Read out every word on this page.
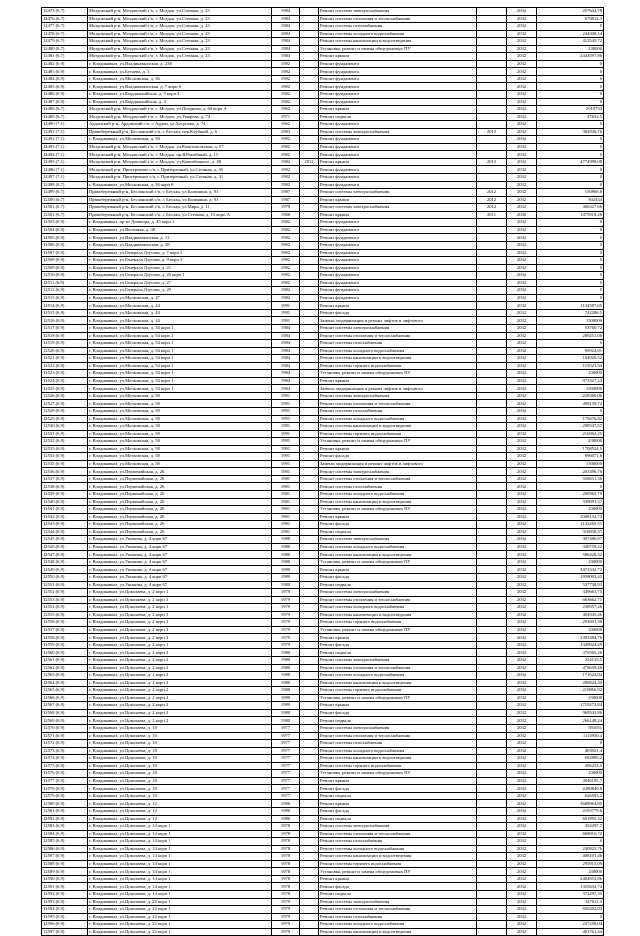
12475 (6.7)	Моздокский р-н, Моздокский г/п, г. Моздок, ул.Степная, д. 23	1984		Ремонт системы электроснабжения		2032	257644,78
12476 (6.7)	Моздокский р-н, Моздокский г/п, г. Моздок, ул.Степная, д. 23	1984		Ремонт системы отопления и теплоснабжения		2032	678814,3
12477 (6.7)	Моздокский р-н, Моздокский г/п, г. Моздок, ул.Степная, д. 23	1984		Ремонт системы газоснабжения		2032	0
12478 (6.7)	Моздокский р-н, Моздокский г/п, г. Моздок, ул.Степная, д. 23	1984		Ремонт системы холодного водоснабжения		2032	244308,14
12479 (6.7)	Моздокский р-н, Моздокский г/п, г. Моздок, ул.Степная, д. 23	1984		Ремонт системы канализации и водоотведения		2032	412545,72
12480 (6.7)	Моздокский р-н, Моздокский г/п, г. Моздок, ул.Степная, д. 23	1984		Установка, ремонт и замена общедомовых ПУ		2032	230000
12481 (6.7)	Моздокский р-н, Моздокский г/п, г. Моздок, ул.Степная, д. 23	1984		Ремонт крыши		2032	2443597,86
12482 (6.9)	г. Владикавказ, ул.Владикавказская, д. 238	1982		Ремонт фундамента		2032	0
12483 (6.9)	г. Владикавказ, ул.Бутаева, д. 3	1982		Ремонт фундамента		2032	0
12484 (6.9)	г. Владикавказ, ул.Московская, д. 36	1982		Ремонт фундамента		2032	0
12485 (6.9)	г. Владикавказ, ул.Владикавказская, д. 7 корп 6	1982		Ремонт фундамента		2032	0
12486 (6.9)	г. Владикавказ, ул.Кырджалийская, д. 5 корп 4	1982		Ремонт фундамента		2032	0
12487 (6.9)	г. Владикавказ, ул.Кырджалийская, д. 4	1982		Ремонт фундамента		2032	0
12488 (6.7)	Моздокский р-н, Моздокский г/п, г. Моздок, ул.Позднова, д. 60 корп А	1962		Ремонт крыши		2032	2910734
12489 (6.7)	Моздокский р-н, Моздокский г/п, г. Моздок, ул.Умарова, д. 74	1971		Ремонт подвала		2032	47632,5
12490 (7.1)	Ардонский р-н, Ардонский г/п, г. Ардон, ул.Хосроева, д. 74	1962		Ремонт фундамента		2032	0
12491 (7.1)	Правобережный р-н, Бесланский г/п, г. Беслан, пер.Клубный, д. 6	1983		Ремонт системы электроснабжения	2013	2032	382936,76
12492 (7.1)	г. Владикавказ, ул.Московская, д. 50	1982		Ремонт фундамента		2032	0
12493 (7.1)	Моздокский р-н, Моздокский г/п, г. Моздок, ул.Комсомольская, д. 57	1982		Ремонт фундамента		2032	0
12494 (7.1)	Моздокский р-н, Моздокский г/п, г. Моздок, пр.Юбилейный, д. 11	1982		Ремонт фундамента		2032	0
12495 (7.1)	Моздокский р-н, Моздокский г/п, г. Моздок, ул.Кинзабицкого, д. 48	1982	2012	Ремонт крыши	2012	2032	4774998,08
12496 (7.1)	Моздокский р-н, Притеречное с/п, г. Притеречный, ул.Степная, д. 35	1982		Ремонт фундамента		2032	0
12497 (7.1)	Моздокский р-н, Притеречное с/п, г. Притеречный, ул.Степная, д. 31	1982		Ремонт фундамента		2032	0
12498 (6.7)	г. Владикавказ, ул.Московская, д. 36 корп 6	1982		Ремонт фундамента		2032	0
12499 (6.7)	Правобережный р-н, Бесланский г/п, г. Беслан, ул.Калинина, д. 93	1987		Ремонт системы электроснабжения	2012	2032	150868,8
12500 (6.7)	Правобережный р-н, Бесланский г/п, г. Беслан, ул.Калинина, д. 93	1987		Ремонт крыши	2012	2032	502434
12501 (6.7)	Правобережный р-н, Бесланский г/п, г. Беслан, ул.Мира, д. 11	1979		Ремонт системы электроснабжения	2012	2032	406327,66
12502 (6.7)	Правобережный р-н, Бесланский г/п, г. Беслан, ул.Степная, д. 15 корп А	1968		Ремонт крыши	2011	2030	1475918,28
12503 (6.9)	г. Владикавказ, пр-кт Доватора, д. 43 корп 1	1982		Ремонт фундамента		2032	0
12504 (6.9)	г. Владикавказ, ул.Весенняя, д. 38	1982		Ремонт фундамента		2032	0
12505 (6.9)	г. Владикавказ, ул.Владикавказская, д. 11	1982		Ремонт фундамента		2032	0
12506 (6.9)	г. Владикавказ, ул.Владикавказская, д. 38	1982		Ремонт фундамента		2032	0
12507 (6.9)	г. Владикавказ, ул.Генерала Дзусова, д. 7 корп 5	1982		Ремонт фундамента		2032	0
12508 (6.9)	г. Владикавказ, ул.Генерала Дзусова, д. 9 корп 3	1982		Ремонт фундамента		2032	0
12509 (6.9)	г. Владикавказ, ул.Генерала Дзусова, д. 21	1982		Ремонт фундамента		2032	0
12510 (6.9)	г. Владикавказ, ул.Генерала Дзусова, д. 25 корп 1	1982		Ремонт фундамента		2032	0
12511 (6.9)	г. Владикавказ, ул.Генерала Дзусова, д. 27	1982		Ремонт фундамента		2032	0
12512 (6.9)	г. Владикавказ, ул.Генерала Дзусова, д. 29	1982		Ремонт фундамента		2032	0
12513 (6.9)	г. Владикавказ, ул.Московская, д. 27	1982		Ремонт фундамента		2032	0
12514 (6.9)	г. Владикавказ, ул.Московская, д. 44	1991		Ремонт крыши		2032	1134587,65
12515 (6.9)	г. Владикавказ, ул.Московская, д. 44	1991		Ремонт фасада		2032	742286,5
12516 (6.9)	г. Владикавказ, ул.Московская, д. 44	1991		Замена, модернизация и ремонт лифтов и лифтового		2032	1500000
12517 (6.9)	г. Владикавказ, ул.Московская, д. 54 корп 1	1984		Ремонт системы электроснабжения		2032	53760,72
12518 (6.9)	г. Владикавказ, ул.Московская, д. 54 корп 1	1984		Ремонт системы отопления и теплоснабжения		2032	289251,08
12519 (6.9)	г. Владикавказ, ул.Московская, д. 54 корп 1	1984		Ремонт системы газоснабжения		2032	0
12520 (6.9)	г. Владикавказ, ул.Московская, д. 54 корп 1	1984		Ремонт системы холодного водоснабжения		2032	96924,81
12521 (6.9)	г. Владикавказ, ул.Московская, д. 54 корп 1	1984		Ремонт системы канализации и водоотведения		2032	164920,52
12522 (6.9)	г. Владикавказ, ул.Московская, д. 54 корп 1	1984		Ремонт системы горячего водоснабжения		2032	119521,54
12523 (6.9)	г. Владикавказ, ул.Московская, д. 54 корп 1	1984		Установка, ремонт и замена общедомовых ПУ		2032	230000
12524 (6.9)	г. Владикавказ, ул.Московская, д. 54 корп 1	1984		Ремонт крыши		2032	973327,24
12525 (6.9)	г. Владикавказ, ул.Московская, д. 54 корп 1	1984		Замена, модернизация и ремонт лифтов и лифтового		2032	1500000
12526 (6.9)	г. Владикавказ, ул.Московская, д. 58	1991		Ремонт системы электроснабжения		2032	228360,06
12527 (6.9)	г. Владикавказ, ул.Московская, д. 58	1991		Ремонт системы отопления и теплоснабжения		2032	499139,74
12528 (6.9)	г. Владикавказ, ул.Московская, д. 58	1991		Ремонт системы газоснабжения		2032	0
12529 (6.9)	г. Владикавказ, ул.Московская, д. 58	1991		Ремонт системы холодного водоснабжения		2032	175676,82
12530 (6.9)	г. Владикавказ, ул.Московская, д. 58	1991		Ремонт системы канализации и водоотведения		2032	298547,57
12531 (6.9)	г. Владикавказ, ул.Московская, д. 58	1991		Ремонт системы горячего водоснабжения		2032	216962,25
12532 (6.9)	г. Владикавказ, ул.Московская, д. 58	1991		Установка, ремонт и замена общедомовых ПУ		2032	230000
12533 (6.9)	г. Владикавказ, ул.Московская, д. 58	1991		Ремонт крыши		2032	1708524,9
12534 (6.9)	г. Владикавказ, ул.Московская, д. 58	1991		Ремонт фасада		2032	996071,6
12535 (6.9)	г. Владикавказ, ул.Московская, д. 58	1991		Замена, модернизация и ремонт лифтов и лифтового		2032	1500000
12536 (6.9)	г. Владикавказ, ул.Первомайская, д. 26	1981		Ремонт системы электроснабжения		2032	203396,76
12537 (6.9)	г. Владикавказ, ул.Первомайская, д. 26	1981		Ремонт системы отопления и теплоснабжения		2032	556631,38
12538 (6.9)	г. Владикавказ, ул.Первомайская, д. 26	1981		Ремонт системы газоснабжения		2032	0
12539 (6.9)	г. Владикавказ, ул.Первомайская, д. 26	1981		Ремонт системы холодного водоснабжения		2032	200965,79
12540 (6.9)	г. Владикавказ, ул.Первомайская, д. 26	1981		Ремонт системы канализации и водоотведения		2032	339691,37
12541 (6.9)	г. Владикавказ, ул.Первомайская, д. 26	1981		Установка, ремонт и замена общедомовых ПУ		2032	230000
12542 (6.9)	г. Владикавказ, ул.Первомайская, д. 26	1981		Ремонт крыши		2032	2008132,74
12543 (6.9)	г. Владикавказ, ул.Первомайская, д. 26	1981		Ремонт фасада		2032	1132265,51
12544 (6.9)	г. Владикавказ, ул.Первомайская, д. 26	1981		Ремонт подвала		2032	316838,37
12545 (6.9)	г. Владикавказ, ул.Ушакова, д. 4 корп 67	1980		Ремонт системы электроснабжения		2032	307486,87
12546 (6.9)	г. Владикавказ, ул.Ушакова, д. 4 корп 67	1980		Ремонт системы холодного водоснабжения		2032	346759,22
12547 (6.9)	г. Владикавказ, ул.Ушакова, д. 4 корп 67	1980		Ремонт системы канализации и водоотведения		2032	586428,32
12548 (6.9)	г. Владикавказ, ул.Ушакова, д. 4 корп 67	1980		Установка, ремонт и замена общедомовых ПУ		2032	230000
12549 (6.9)	г. Владикавказ, ул.Ушакова, д. 4 корп 67	1980		Ремонт крыши		2032	3472342,72
12550 (6.9)	г. Владикавказ, ул.Ушакова, д. 4 корп 67	1980		Ремонт фасада		2032	1958093,45
12551 (6.9)	г. Владикавказ, ул.Ушакова, д. 4 корп 67	1980		Ремонт подвала		2032	537738,93
12552 (6.9)	г. Владикавказ, ул.Цоколаева, д. 2 корп 1	1979		Ремонт системы электроснабжения		2032	349663,75
12553 (6.9)	г. Владикавказ, ул.Цоколаева, д. 2 корп 1	1979		Ремонт системы отопления и теплоснабжения		2032	663662,71
12554 (6.9)	г. Владикавказ, ул.Цоколаева, д. 2 корп 1	1979		Ремонт системы холодного водоснабжения		2032	238957,28
12555 (6.9)	г. Владикавказ, ул.Цоколаева, д. 2 корп 1	1979		Ремонт системы канализации и водоотведения		2032	404945,46
12556 (6.9)	г. Владикавказ, ул.Цоколаева, д. 2 корп 1	1979		Ремонт системы горячего водоснабжения		2032	293601,38
12557 (6.9)	г. Владикавказ, ул.Цоколаева, д. 2 корп 1	1979		Установка, ремонт и замена общедомовых ПУ		2032	230000
12558 (6.9)	г. Владикавказ, ул.Цоколаева, д. 2 корп 1	1979		Ремонт крыши		2032	2393384,76
12559 (6.9)	г. Владикавказ, ул.Цоколаева, д. 2 корп 1	1979		Ремонт фасада		2032	1349924,29
12560 (6.9)	г. Владикавказ, ул.Цоколаева, д. 2 корп 2	1980		Ремонт подвала		2032	370565,26
12561 (6.9)	г. Владикавказ, ул.Цоколаева, д. 2 корп 2	1980		Ремонт системы электроснабжения		2032	254135,5
12562 (6.9)	г. Владикавказ, ул.Цоколаева, д. 2 корп 2	1980		Ремонт системы отопления и теплоснабжения		2032	476639,48
12563 (6.9)	г. Владикавказ, ул.Цоколаева, д. 2 корп 2	1980		Ремонт системы холодного водоснабжения		2032	171624,84
12564 (6.9)	г. Владикавказ, ул.Цоколаева, д. 2 корп 2	1980		Ремонт системы канализации и водоотведения		2032	290824,44
12565 (6.9)	г. Владикавказ, ул.Цоколаева, д. 2 корп 2	1980		Ремонт системы горячего водоснабжения		2032	210866,92
12566 (6.9)	г. Владикавказ, ул.Цоколаева, д. 2 корп 2	1980		Установка, ремонт и замена общедомовых ПУ		2032	230000
12567 (6.9)	г. Владикавказ, ул.Цоколаева, д. 2 корп 2	1980		Ремонт крыши		2032	1719273,84
12568 (6.9)	г. Владикавказ, ул.Цоколаева, д. 2 корп 2	1980		Ремонт фасада		2032	969543,86
12569 (6.9)	г. Владикавказ, ул.Цоколаева, д. 2 корп 2	1980		Ремонт подвала		2032	266148,24
12570 (6.9)	г. Владикавказ, ул.Цоколаева, д. 10	1977		Ремонт системы электроснабжения		2032	591051
12571 (6.9)	г. Владикавказ, ул.Цоколаева, д. 10	1977		Ремонт системы отопления и теплоснабжения		2032	1115950,4
12572 (6.9)	г. Владикавказ, ул.Цоколаева, д. 10	1977		Ремонт системы газоснабжения		2032	0
12573 (6.9)	г. Владикавказ, ул.Цоколаева, д. 10	1977		Ремонт системы холодного водоснабжения		2032	403921,4
12574 (6.9)	г. Владикавказ, ул.Цоколаева, д. 10	1977		Ремонт системы канализации и водоотведения		2032	682889,2
12575 (6.9)	г. Владикавказ, ул.Цоколаева, д. 10	1977		Ремонт системы горячего водоснабжения		2032	496253,5
12576 (6.9)	г. Владикавказ, ул.Цоколаева, д. 10	1977		Установка, ремонт и замена общедомовых ПУ		2032	230000
12577 (6.9)	г. Владикавказ, ул.Цоколаева, д. 10	1977		Ремонт крыши		2032	4046195,7
12578 (6.9)	г. Владикавказ, ул.Цоколаева, д. 10	1977		Ремонт фасада		2032	2280849,8
12579 (6.9)	г. Владикавказ, ул.Цоколаева, д. 10	1977		Ремонт подвала		2032	626583,2
12580 (6.9)	г. Владикавказ, ул.Цоколаева, д. 12	1986		Ремонт крыши		2032	3688964,85
12581 (6.9)	г. Владикавказ, ул.Цоколаева, д. 12	1986		Ремонт фасада		2032	2193779,6
12582 (6.9)	г. Владикавказ, ул.Цоколаева, д. 12	1986		Ремонт подвала		2032	601895,32
12583 (6.9)	г. Владикавказ, ул.Цоколаева, д. 14 корп 1	1978		Ремонт системы электроснабжения		2032	354297,7
12584 (6.9)	г. Владикавказ, ул.Цоколаева, д. 14 корп 1	1978		Ремонт системы отопления и теплоснабжения		2032	668816,72
12585 (6.9)	г. Владикавказ, ул.Цоколаева, д. 14 корп 1	1978		Ремонт системы газоснабжения		2032	0
12586 (6.9)	г. Владикавказ, ул.Цоколаева, д. 14 корп 1	1978		Ремонт системы холодного водоснабжения		2032	240825,76
12587 (6.9)	г. Владикавказ, ул.Цоколаева, д. 14 корп 1	1978		Ремонт системы канализации и водоотведения		2032	408101,46
12588 (6.9)	г. Владикавказ, ул.Цоколаева, д. 14 корп 1	1978		Ремонт системы горячего водоснабжения		2032	295915,09
12589 (6.9)	г. Владикавказ, ул.Цоколаева, д. 14 корп 1	1978		Установка, ремонт и замена общедомовых ПУ		2032	230000
12590 (6.9)	г. Владикавказ, ул.Цоколаева, д. 14 корп 1	1978		Ремонт крыши		2032	2404853,86
12591 (6.9)	г. Владикавказ, ул.Цоколаева, д. 14 корп 1	1978		Ремонт фасада		2032	1355632,74
12592 (6.9)	г. Владикавказ, ул.Цоколаева, д. 14 корп 1	1978		Ремонт подвала		2032	372297,35
12593 (6.9)	г. Владикавказ, ул.Цоколаева, д. 22 корп 1	1979		Ремонт системы электроснабжения		2032	347611,3
12594 (6.9)	г. Владикавказ, ул.Цоколаева, д. 22 корп 1	1979		Ремонт системы отопления и теплоснабжения		2032	656202,04
12595 (6.9)	г. Владикавказ, ул.Цоколаева, д. 22 корп 1	1979		Ремонт системы газоснабжения		2032	0
12596 (6.9)	г. Владикавказ, ул.Цоколаева, д. 22 корп 1	1979		Ремонт системы холодного водоснабжения		2032	237258,04
12597 (6.9)	г. Владикавказ, ул.Цоколаева, д. 22 корп 1	1979		Ремонт системы канализации и водоотведения		2032	401761,44
